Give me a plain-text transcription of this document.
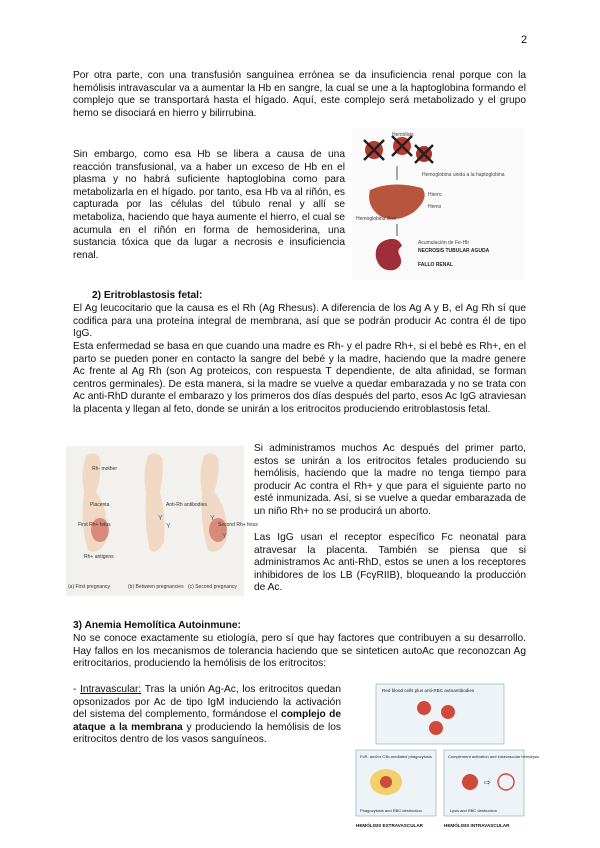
2
Por otra parte, con una transfusión sanguínea errónea se da insuficiencia renal porque con la hemólisis intravascular va a aumentar la Hb en sangre, la cual se une a la haptoglobina formando el complejo que se transportará hasta el hígado. Aquí, este complejo será metabolizado y el grupo hemo se disociará en hierro y bilirrubina.
Sin embargo, como esa Hb se libera a causa de una reacción transfusional, va a haber un exceso de Hb en el plasma y no habrá suficiente haptoglobina como para metabolizarla en el hígado. por tanto, esa Hb va al riñón, es capturada por las células del túbulo renal y allí se metaboliza, haciendo que haya aumente el hierro, el cual se acumula en el riñón en forma de hemosiderina, una sustancia tóxica que da lugar a necrosis e insuficiencia renal.
Hemólisis
Hemoglobina unida a la haptoglobina
Hierro
Hemoglobina libre
Hemo
Acumulación de Fe-Hb
NECROSIS TUBULAR AGUDA
FALLO RENAL
2) Eritroblastosis fetal:
El Ag leucocitario que la causa es el Rh (Ag Rhesus). A diferencia de los Ag A y B, el Ag Rh sí que codifica para una proteína integral de membrana, así que se podrán producir Ac contra él de tipo IgG.
Esta enfermedad se basa en que cuando una madre es Rh- y el padre Rh+, si el bebé es Rh+, en el parto se pueden poner en contacto la sangre del bebé y la madre, haciendo que la madre genere Ac frente al Ag Rh (son Ag proteicos, con respuesta T dependiente, de alta afinidad, se forman centros germinales). De esta manera, si la madre se vuelve a quedar embarazada y no se trata con Ac anti-RhD durante el embarazo y los primeros dos días después del parto, esos Ac IgG atraviesan la placenta y llegan al feto, donde se unirán a los eritrocitos produciendo eritroblastosis fetal.
Y
Y
Y
Y
Rh- mother
Placenta
First Rh+ fetus
Rh+ antigens
Anti-Rh antibodies
Second Rh+ fetus
(a) First pregnancy	(b) Between pregnancies (c) Second pregnancy
Si administramos muchos Ac después del primer parto, estos se unirán a los eritrocitos fetales produciendo su hemólisis, haciendo que la madre no tenga tiempo para producir Ac contra el Rh+ y que para el siguiente parto no esté inmunizada. Así, si se vuelve a quedar embarazada de un niño Rh+ no se producirá un aborto.
Las IgG usan el receptor específico Fc neonatal para atravesar la placenta. También se piensa que si administramos Ac anti-RhD, estos se unen a los receptores inhibidores de los LB (FcγRIIB), bloqueando la producción de Ac.
3) Anemia Hemolítica Autoinmune:
No se conoce exactamente su etiología, pero sí que hay factores que contribuyen a su desarrollo. Hay fallos en los mecanismos de tolerancia haciendo que se sinteticen autoAc que reconozcan Ag eritrocitarios, produciendo la hemólisis de los eritrocitos:
- Intravascular: Tras la unión Ag-Ac, los eritrocitos quedan opsonizados por Ac de tipo IgM induciendo la activación del sistema del complemento, formándose el complejo de ataque a la membrana y produciendo la hemólisis de los eritrocitos dentro de los vasos sanguíneos.
Red blood cells plus anti-RBC autoantibodies
FcR- and/or C3b-mediated phagocytosis	Complement activation and intravascular hemolysis
⇨
Phagocytosis and RBC destruction	Lysis and RBC destruction
HEMÓLISIS EXTRAVASCULAR	HEMÓLISIS INTRAVASCULAR
